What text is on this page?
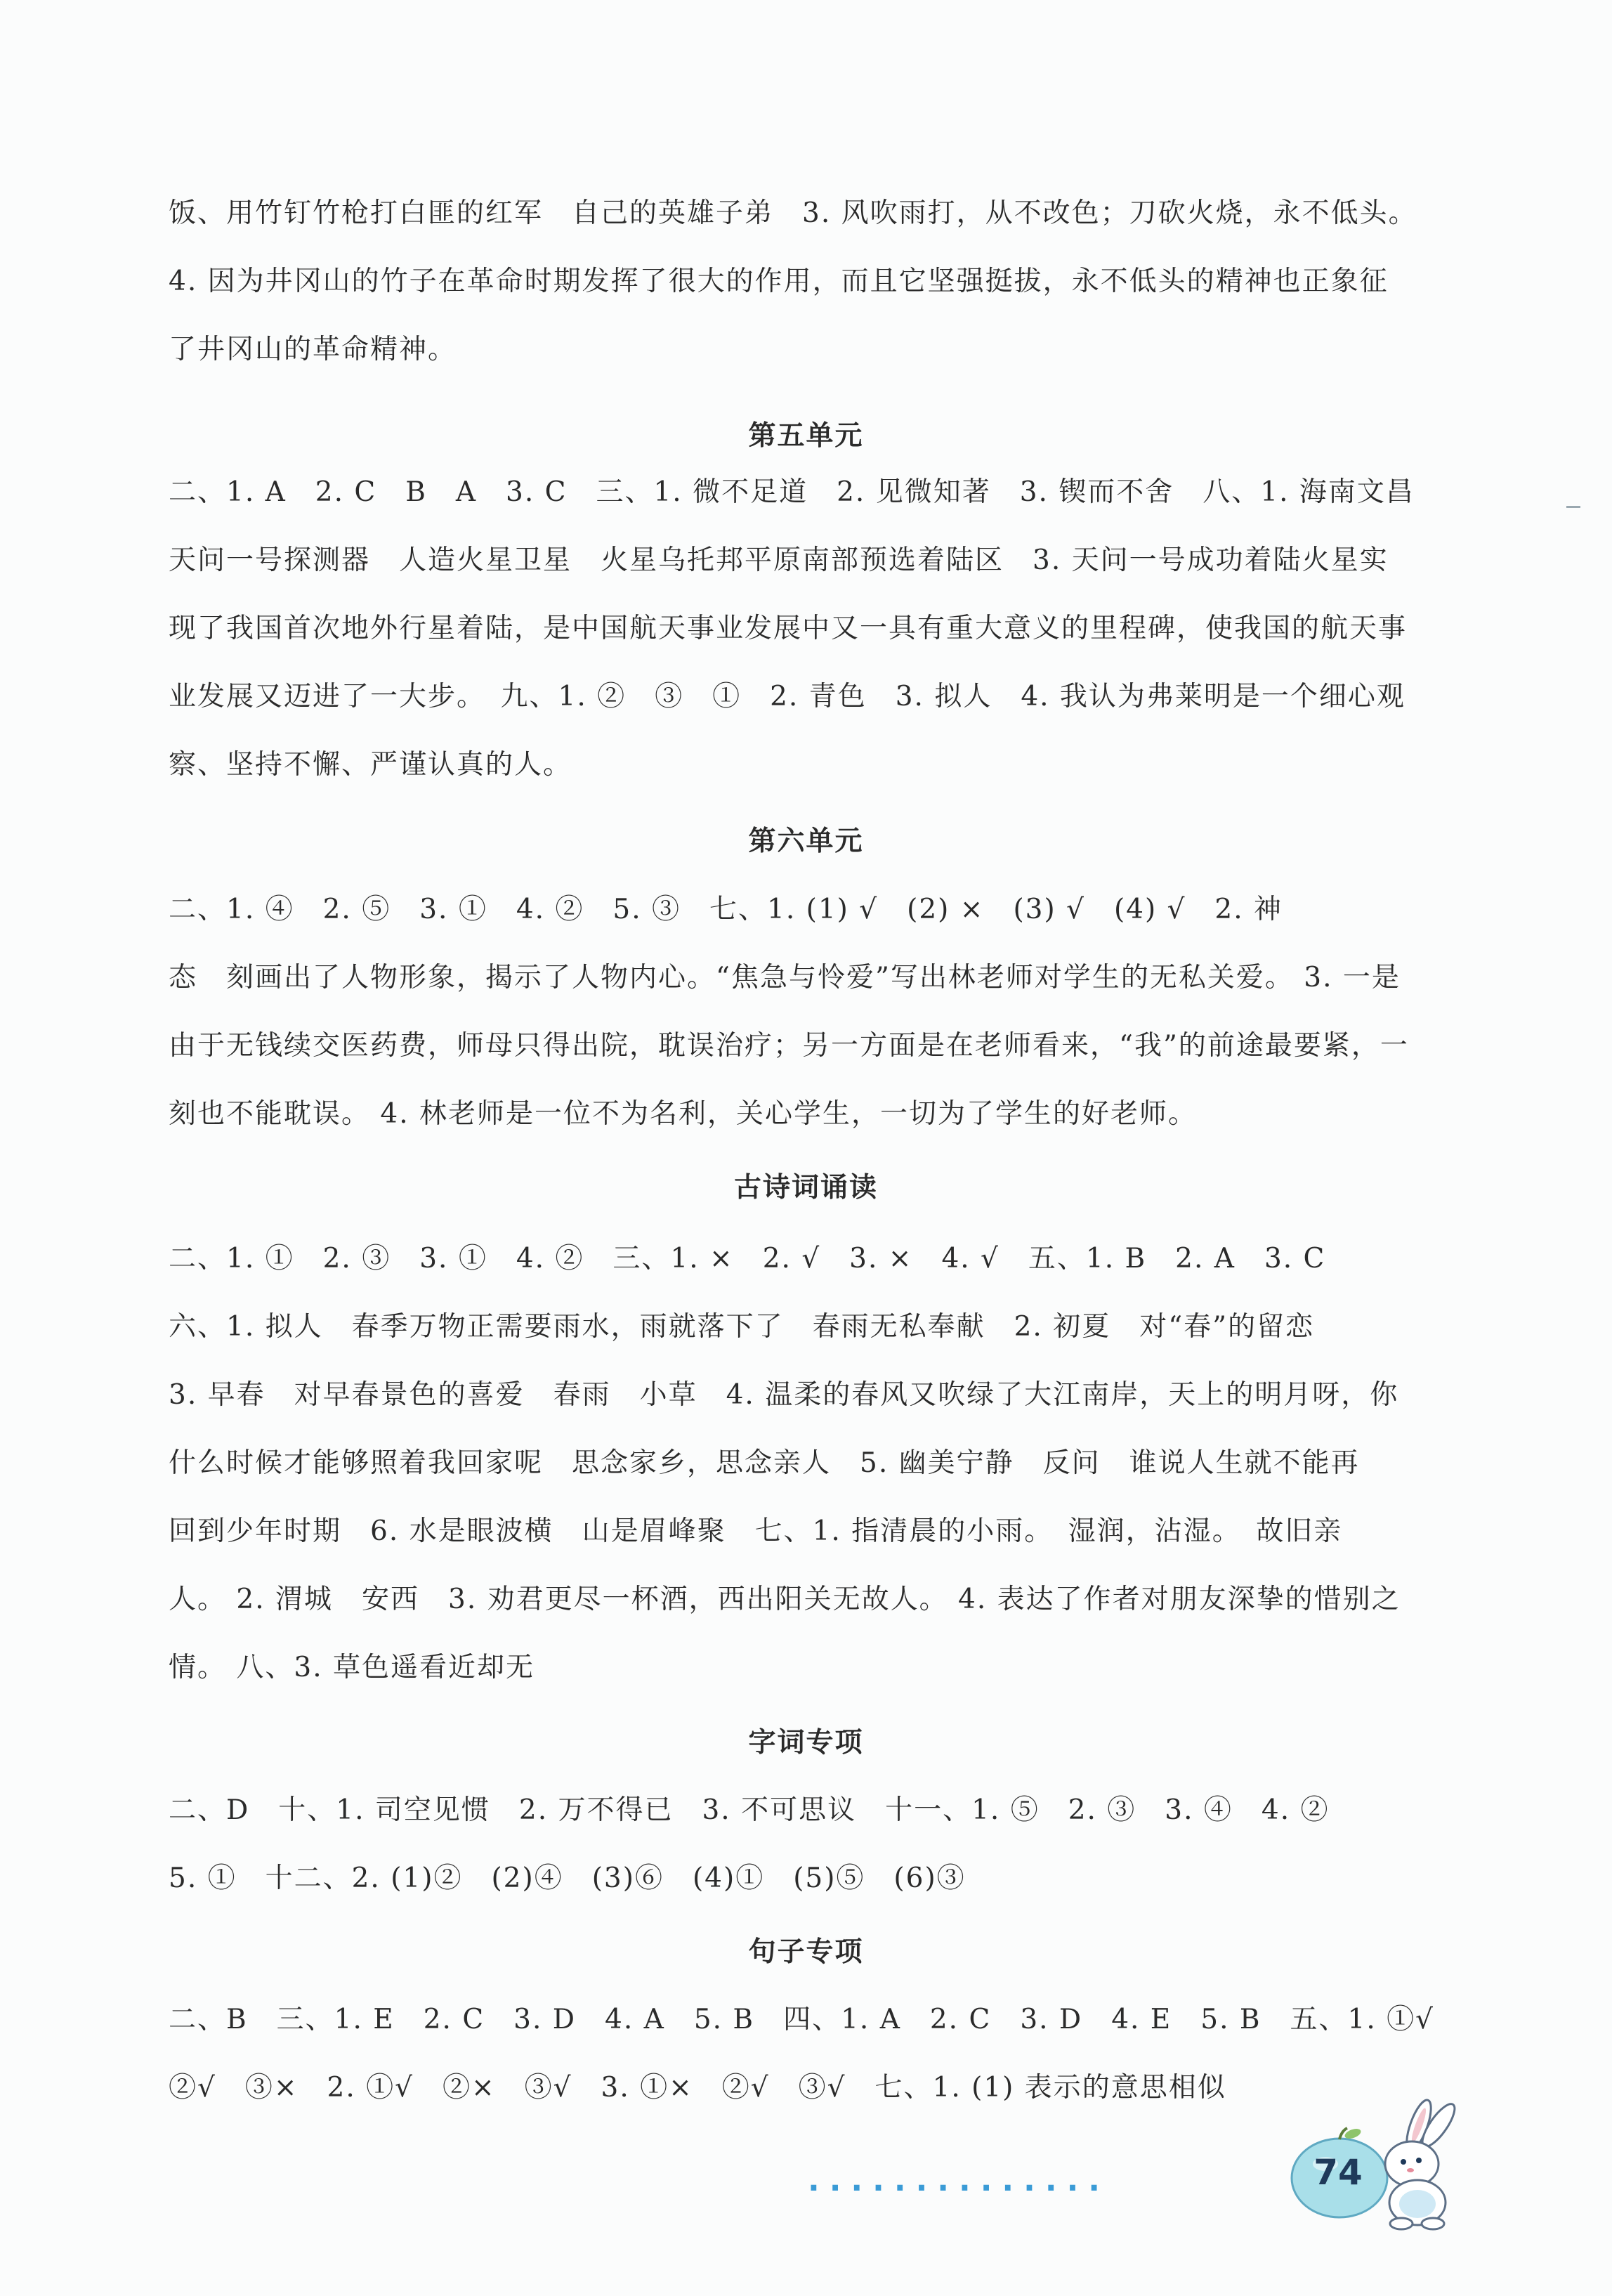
饭、用竹钉竹枪打白匪的红军　自己的英雄子弟　3. 风吹雨打，从不改色；刀砍火烧，永不低头。

4. 因为井冈山的竹子在革命时期发挥了很大的作用，而且它坚强挺拔，永不低头的精神也正象征

了井冈山的革命精神。

第五单元

二、1. A　2. C　B　A　3. C　三、1. 微不足道　2. 见微知著　3. 锲而不舍　八、1. 海南文昌

天问一号探测器　人造火星卫星　火星乌托邦平原南部预选着陆区　3. 天问一号成功着陆火星实

现了我国首次地外行星着陆，是中国航天事业发展中又一具有重大意义的里程碑，使我国的航天事

业发展又迈进了一大步。　九、1. ②　③　①　2. 青色　3. 拟人　4. 我认为弗莱明是一个细心观

察、坚持不懈、严谨认真的人。

第六单元

二、1. ④　2. ⑤　3. ①　4. ②　5. ③　七、1. (1) √　(2) ×　(3) √　(4) √　2. 神

态　刻画出了人物形象，揭示了人物内心。“焦急与怜爱”写出林老师对学生的无私关爱。 3. 一是

由于无钱续交医药费，师母只得出院，耽误治疗；另一方面是在老师看来，“我”的前途最要紧，一

刻也不能耽误。 4. 林老师是一位不为名利，关心学生，一切为了学生的好老师。

古诗词诵读

二、1. ①　2. ③　3. ①　4. ②　三、1. ×　2. √　3. ×　4. √　五、1. B　2. A　3. C

六、1. 拟人　春季万物正需要雨水，雨就落下了　春雨无私奉献　2. 初夏　对“春”的留恋

3. 早春　对早春景色的喜爱　春雨　小草　4. 温柔的春风又吹绿了大江南岸，天上的明月呀，你

什么时候才能够照着我回家呢　思念家乡，思念亲人　5. 幽美宁静　反问　谁说人生就不能再

回到少年时期　6. 水是眼波横　山是眉峰聚　七、1. 指清晨的小雨。　湿润，沾湿。　故旧亲

人。 2. 渭城　安西　3. 劝君更尽一杯酒，西出阳关无故人。 4. 表达了作者对朋友深挚的惜别之

情。 八、3. 草色遥看近却无

字词专项

二、D　十、1. 司空见惯　2. 万不得已　3. 不可思议　十一、1. ⑤　2. ③　3. ④　4. ②

5. ①　十二、2. (1)②　(2)④　(3)⑥　(4)①　(5)⑤　(6)③

句子专项

二、B　三、1. E　2. C　3. D　4. A　5. B　四、1. A　2. C　3. D　4. E　5. B　五、1. ①√

②√　③×　2. ①√　②×　③√　3. ①×　②√　③√　七、1. (1) 表示的意思相似

··············	74
